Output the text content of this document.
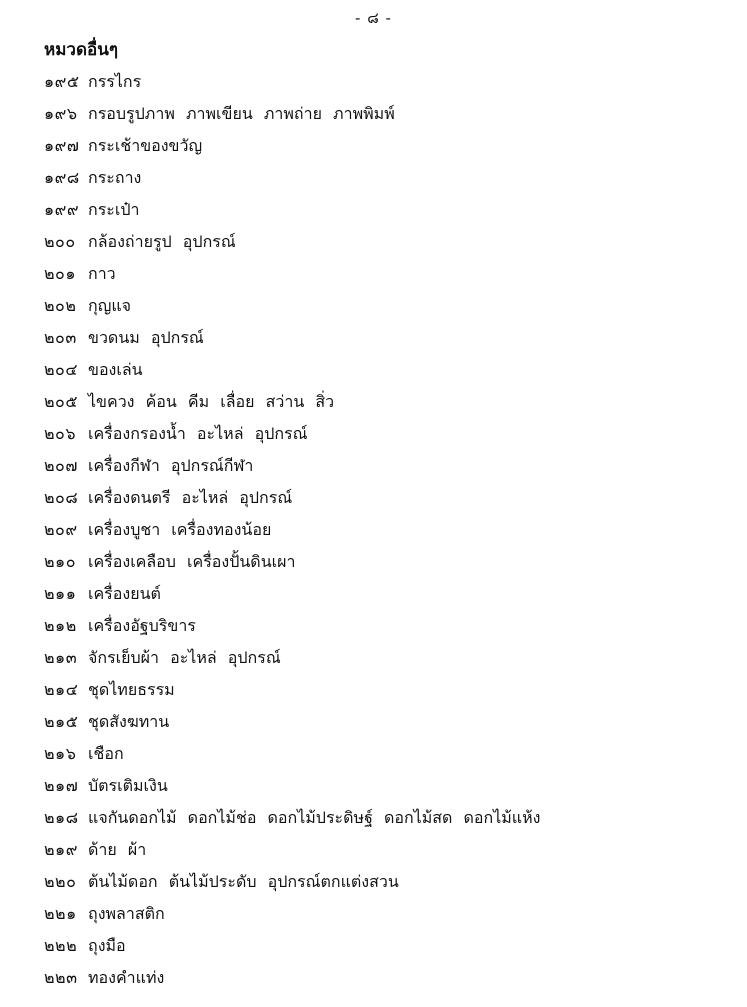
- ๘ -
หมวดอื่นๆ
๑๙๕ กรรไกร
๑๙๖ กรอบรูปภาพ ภาพเขียน ภาพถ่าย ภาพพิมพ์
๑๙๗ กระเช้าของขวัญ
๑๙๘ กระถาง
๑๙๙ กระเป๋า
๒๐๐ กล้องถ่ายรูป อุปกรณ์
๒๐๑ กาว
๒๐๒ กุญแจ
๒๐๓ ขวดนม อุปกรณ์
๒๐๔ ของเล่น
๒๐๕ ไขควง ค้อน คีม เลื่อย สว่าน สิ่ว
๒๐๖ เครื่องกรองน้ำ อะไหล่ อุปกรณ์
๒๐๗ เครื่องกีฬา อุปกรณ์กีฬา
๒๐๘ เครื่องดนตรี อะไหล่ อุปกรณ์
๒๐๙ เครื่องบูชา เครื่องทองน้อย
๒๑๐ เครื่องเคลือบ เครื่องปั้นดินเผา
๒๑๑ เครื่องยนต์
๒๑๒ เครื่องอัฐบริขาร
๒๑๓ จักรเย็บผ้า อะไหล่ อุปกรณ์
๒๑๔ ชุดไทยธรรม
๒๑๕ ชุดสังฆทาน
๒๑๖ เชือก
๒๑๗ บัตรเติมเงิน
๒๑๘ แจกันดอกไม้ ดอกไม้ช่อ ดอกไม้ประดิษฐ์ ดอกไม้สด ดอกไม้แห้ง
๒๑๙ ด้าย ผ้า
๒๒๐ ต้นไม้ดอก ต้นไม้ประดับ อุปกรณ์ตกแต่งสวน
๒๒๑ ถุงพลาสติก
๒๒๒ ถุงมือ
๒๒๓ ทองคำแท่ง
